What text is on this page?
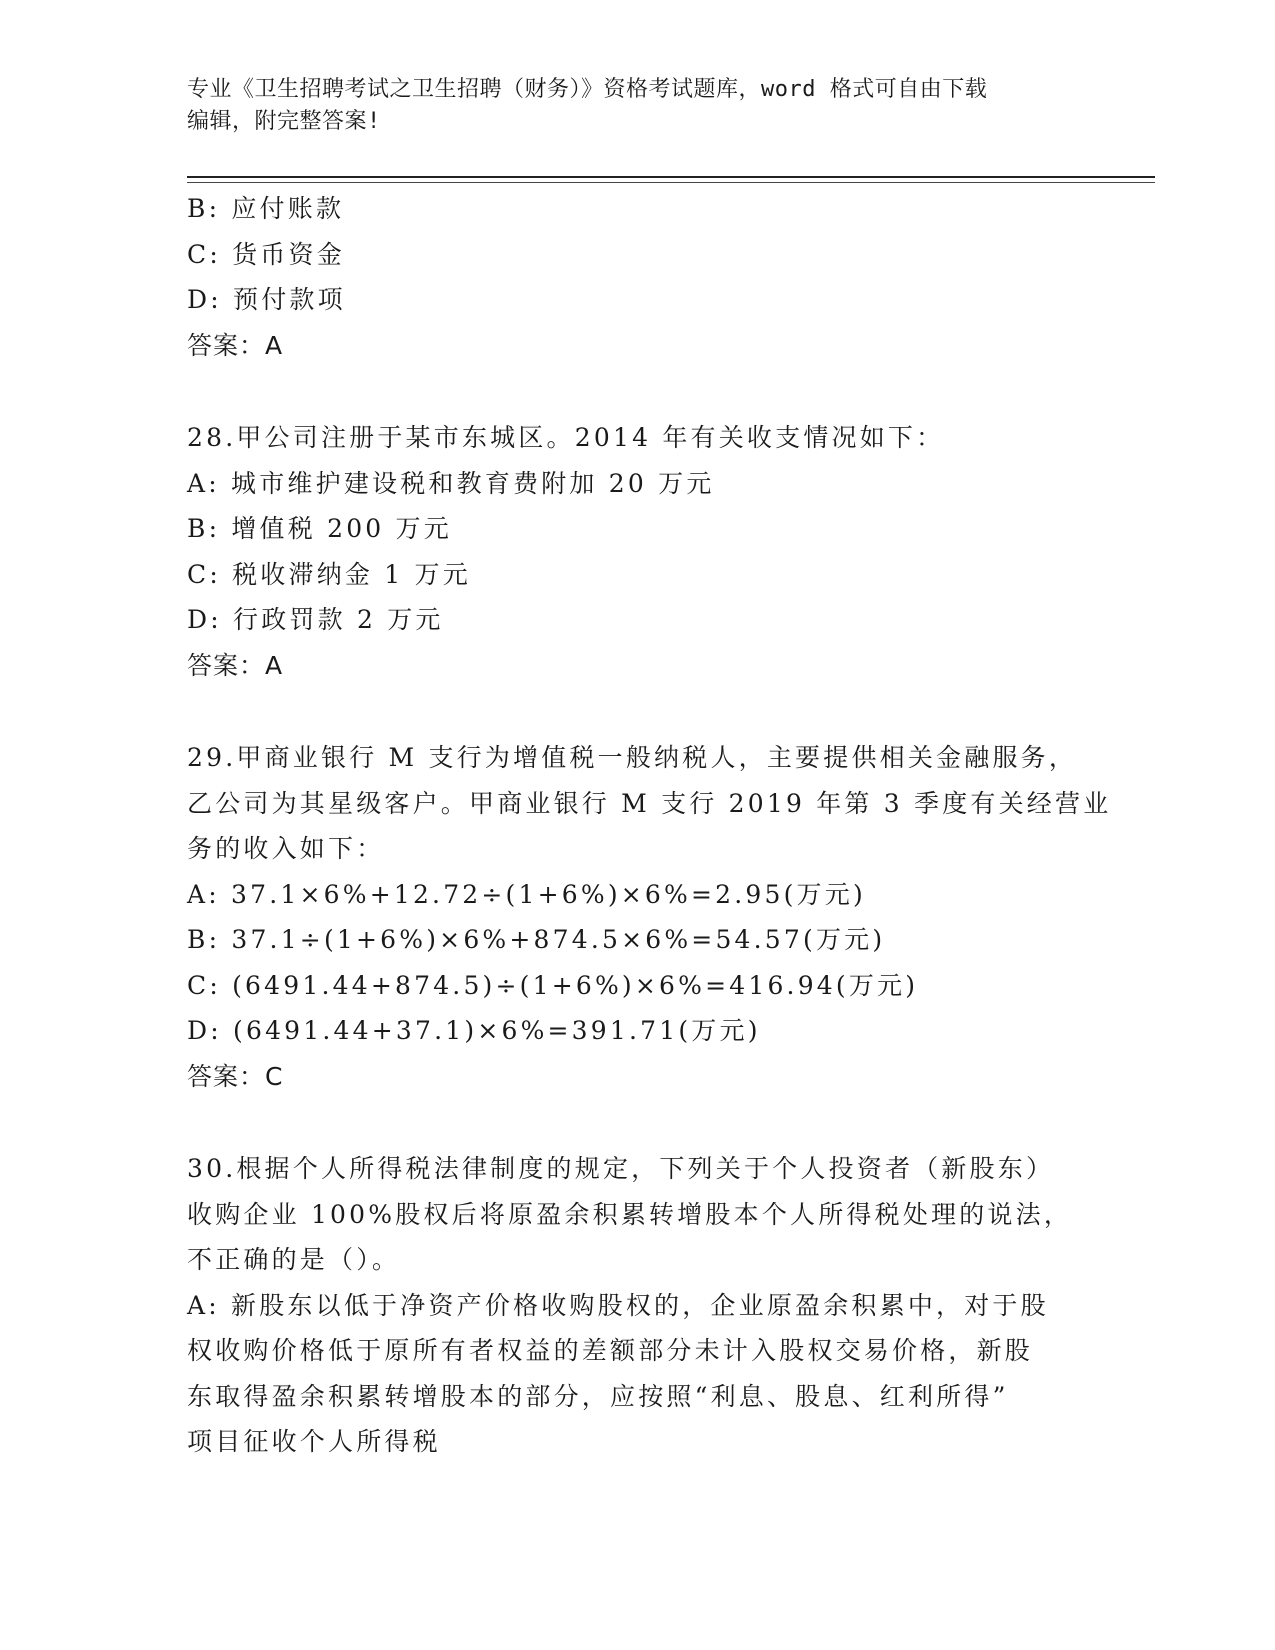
专业《卫生招聘考试之卫生招聘（财务）》资格考试题库，word 格式可自由下载
编辑，附完整答案!
B: 应付账款
C: 货币资金
D: 预付款项
答案：A
28.甲公司注册于某市东城区。2014 年有关收支情况如下：
A: 城市维护建设税和教育费附加 20 万元
B: 增值税 200 万元
C: 税收滞纳金 1 万元
D: 行政罚款 2 万元
答案：A
29.甲商业银行 M 支行为增值税一般纳税人，主要提供相关金融服务，
乙公司为其星级客户。甲商业银行 M 支行 2019 年第 3 季度有关经营业
务的收入如下：
A: 37.1×6%+12.72÷(1+6%)×6%=2.95(万元)
B: 37.1÷(1+6%)×6%+874.5×6%=54.57(万元)
C: (6491.44+874.5)÷(1+6%)×6%=416.94(万元)
D: (6491.44+37.1)×6%=391.71(万元)
答案：C
30.根据个人所得税法律制度的规定，下列关于个人投资者（新股东）
收购企业 100%股权后将原盈余积累转增股本个人所得税处理的说法，
不正确的是（）。
A: 新股东以低于净资产价格收购股权的，企业原盈余积累中，对于股
权收购价格低于原所有者权益的差额部分未计入股权交易价格，新股
东取得盈余积累转增股本的部分，应按照“利息、股息、红利所得”
项目征收个人所得税
